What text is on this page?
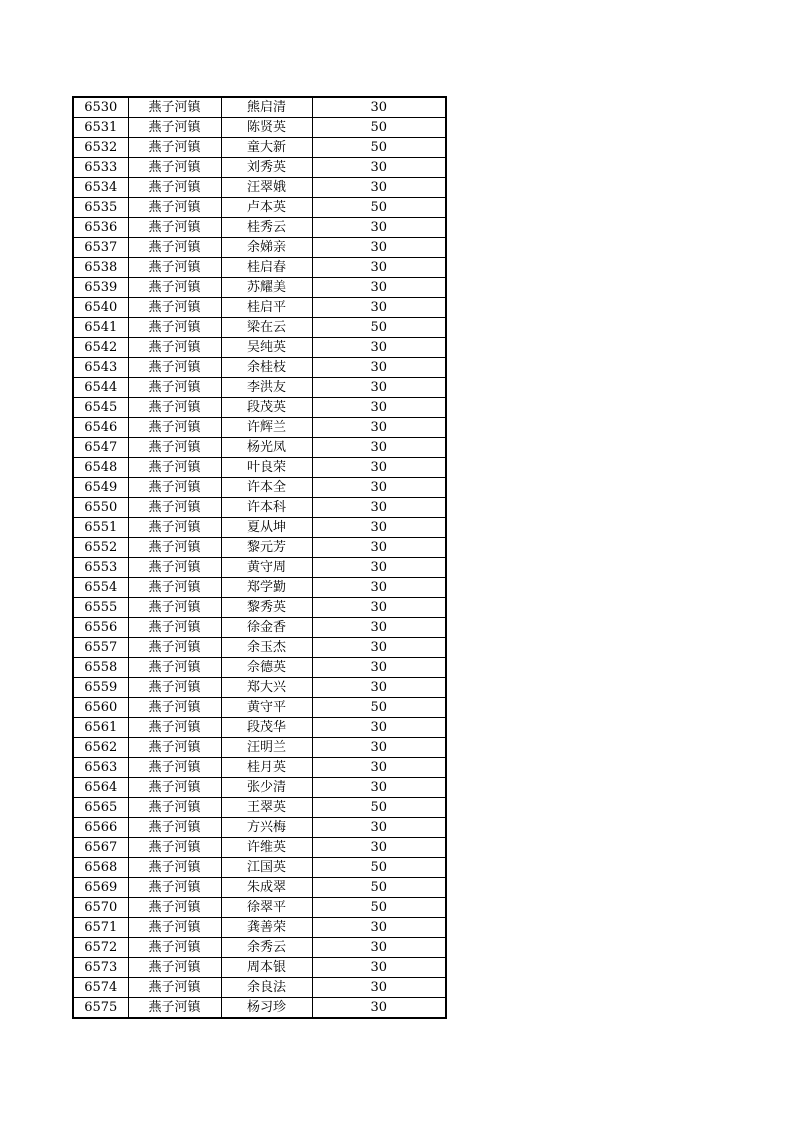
6530	燕子河镇	熊启清	30
6531	燕子河镇	陈贤英	50
6532	燕子河镇	童大新	50
6533	燕子河镇	刘秀英	30
6534	燕子河镇	汪翠娥	30
6535	燕子河镇	卢本英	50
6536	燕子河镇	桂秀云	30
6537	燕子河镇	余娣亲	30
6538	燕子河镇	桂启春	30
6539	燕子河镇	苏耀美	30
6540	燕子河镇	桂启平	30
6541	燕子河镇	梁在云	50
6542	燕子河镇	吴纯英	30
6543	燕子河镇	余桂枝	30
6544	燕子河镇	李洪友	30
6545	燕子河镇	段茂英	30
6546	燕子河镇	许辉兰	30
6547	燕子河镇	杨光凤	30
6548	燕子河镇	叶良荣	30
6549	燕子河镇	许本全	30
6550	燕子河镇	许本科	30
6551	燕子河镇	夏从坤	30
6552	燕子河镇	黎元芳	30
6553	燕子河镇	黄守周	30
6554	燕子河镇	郑学勤	30
6555	燕子河镇	黎秀英	30
6556	燕子河镇	徐金香	30
6557	燕子河镇	余玉杰	30
6558	燕子河镇	佘德英	30
6559	燕子河镇	郑大兴	30
6560	燕子河镇	黄守平	50
6561	燕子河镇	段茂华	30
6562	燕子河镇	汪明兰	30
6563	燕子河镇	桂月英	30
6564	燕子河镇	张少清	30
6565	燕子河镇	王翠英	50
6566	燕子河镇	方兴梅	30
6567	燕子河镇	许维英	30
6568	燕子河镇	江国英	50
6569	燕子河镇	朱成翠	50
6570	燕子河镇	徐翠平	50
6571	燕子河镇	龚善荣	30
6572	燕子河镇	余秀云	30
6573	燕子河镇	周本银	30
6574	燕子河镇	余良法	30
6575	燕子河镇	杨习珍	30
